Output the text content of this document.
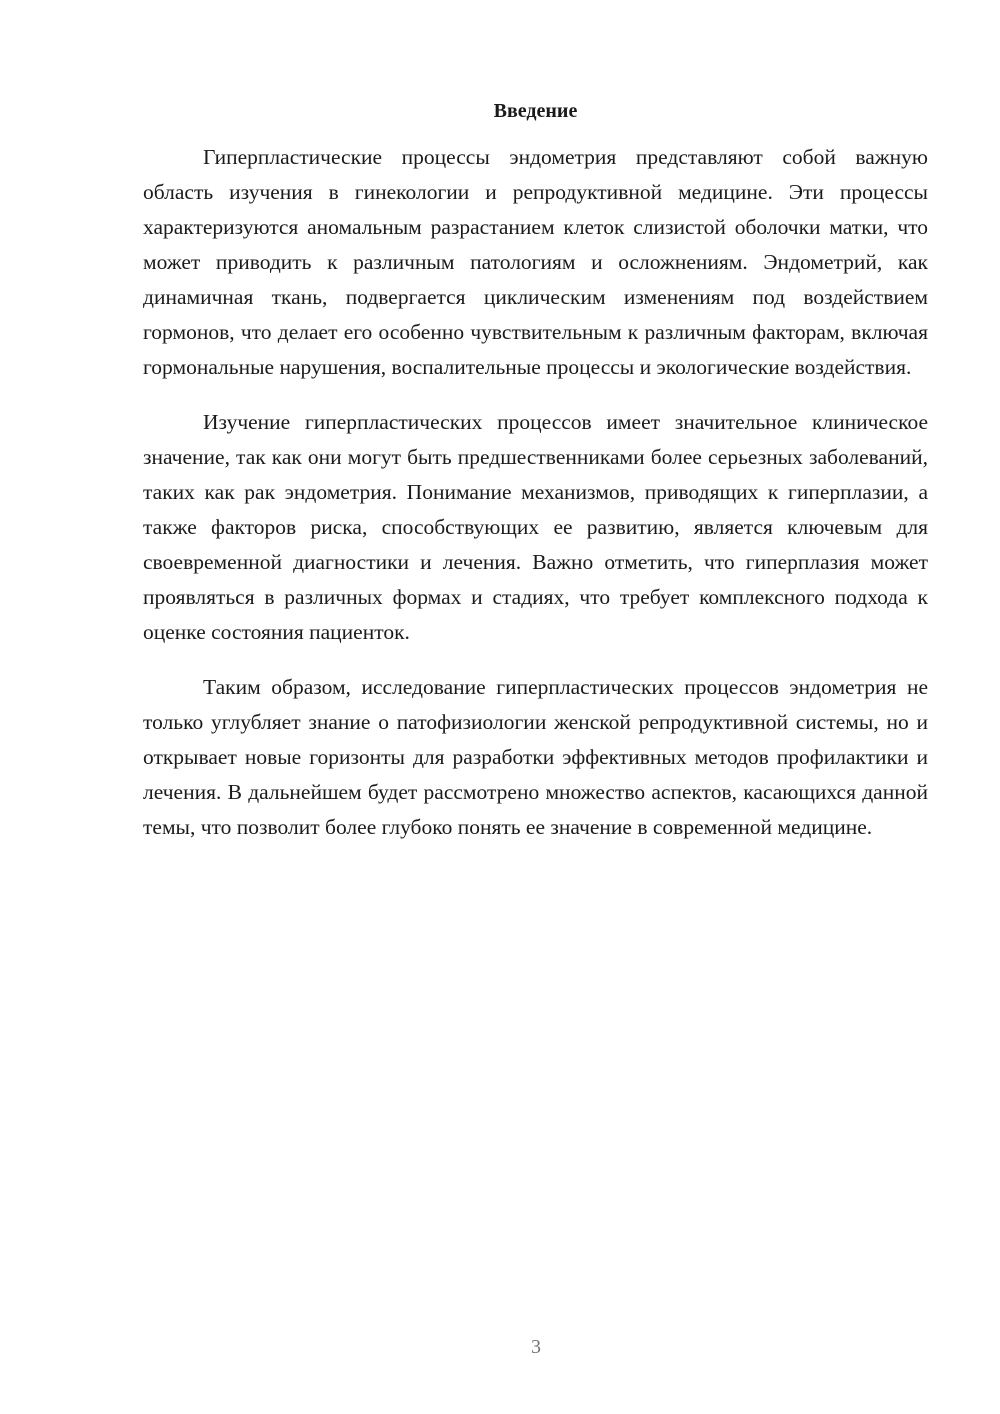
Введение

Гиперпластические процессы эндометрия представляют собой важную область изучения в гинекологии и репродуктивной медицине. Эти процессы характеризуются аномальным разрастанием клеток слизистой оболочки матки, что может приводить к различным патологиям и осложнениям. Эндометрий, как динамичная ткань, подвергается циклическим изменениям под воздействием гормонов, что делает его особенно чувствительным к различным факторам, включая гормональные нарушения, воспалительные процессы и экологические воздействия.

Изучение гиперпластических процессов имеет значительное клиническое значение, так как они могут быть предшественниками более серьезных заболеваний, таких как рак эндометрия. Понимание механизмов, приводящих к гиперплазии, а также факторов риска, способствующих ее развитию, является ключевым для своевременной диагностики и лечения. Важно отметить, что гиперплазия может проявляться в различных формах и стадиях, что требует комплексного подхода к оценке состояния пациенток.

Таким образом, исследование гиперпластических процессов эндометрия не только углубляет знание о патофизиологии женской репродуктивной системы, но и открывает новые горизонты для разработки эффективных методов профилактики и лечения. В дальнейшем будет рассмотрено множество аспектов, касающихся данной темы, что позволит более глубоко понять ее значение в современной медицине.

3
